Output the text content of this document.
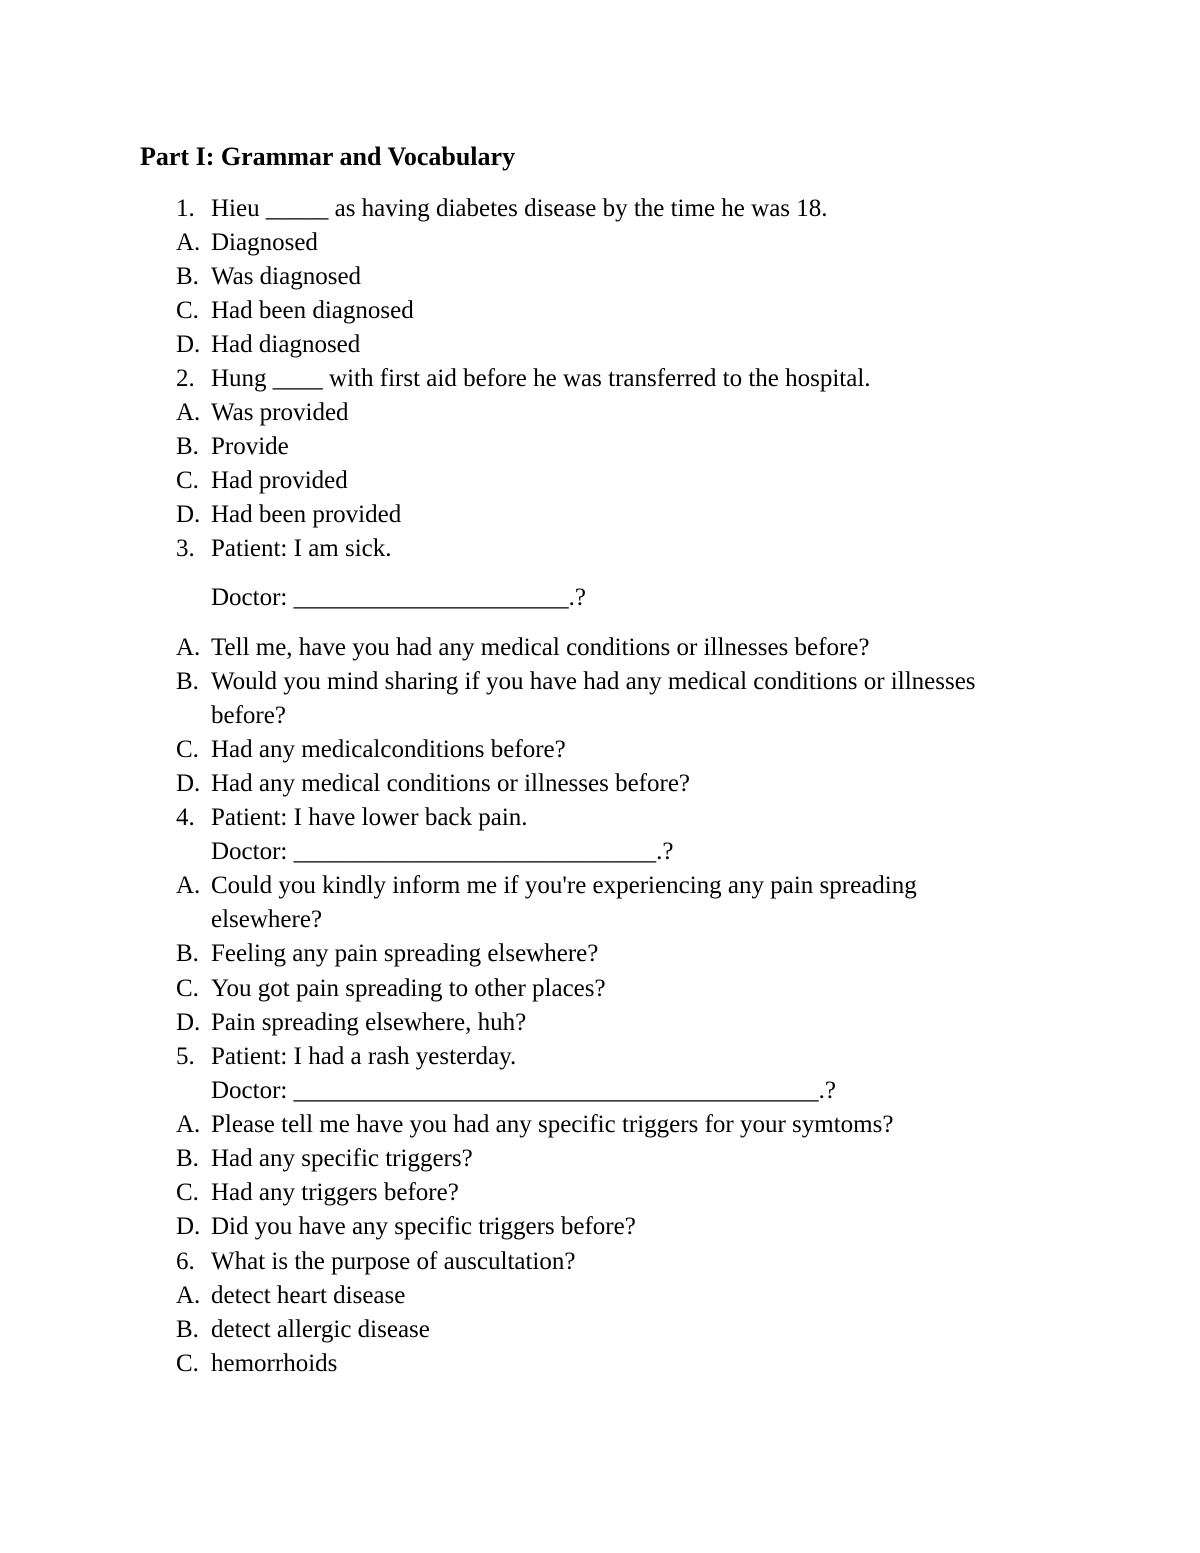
Part I: Grammar and Vocabulary
1. Hieu _____ as having diabetes disease by the time he was 18.
A. Diagnosed
B. Was diagnosed
C. Had been diagnosed
D. Had diagnosed
2. Hung ____ with first aid before he was transferred to the hospital.
A. Was provided
B. Provide
C. Had provided
D. Had been provided
3. Patient: I am sick.
Doctor: ______________________.?
A. Tell me, have you had any medical conditions or illnesses before?
B. Would you mind sharing if you have had any medical conditions or illnesses
before?
C. Had any medicalconditions before?
D. Had any medical conditions or illnesses before?
4. Patient: I have lower back pain.
Doctor: _____________________________.?
A. Could you kindly inform me if you're experiencing any pain spreading
elsewhere?
B. Feeling any pain spreading elsewhere?
C. You got pain spreading to other places?
D. Pain spreading elsewhere, huh?
5. Patient: I had a rash yesterday.
Doctor: __________________________________________.?
A. Please tell me have you had any specific triggers for your symtoms?
B. Had any specific triggers?
C. Had any triggers before?
D. Did you have any specific triggers before?
6. What is the purpose of auscultation?
A. detect heart disease
B. detect allergic disease
C. hemorrhoids
